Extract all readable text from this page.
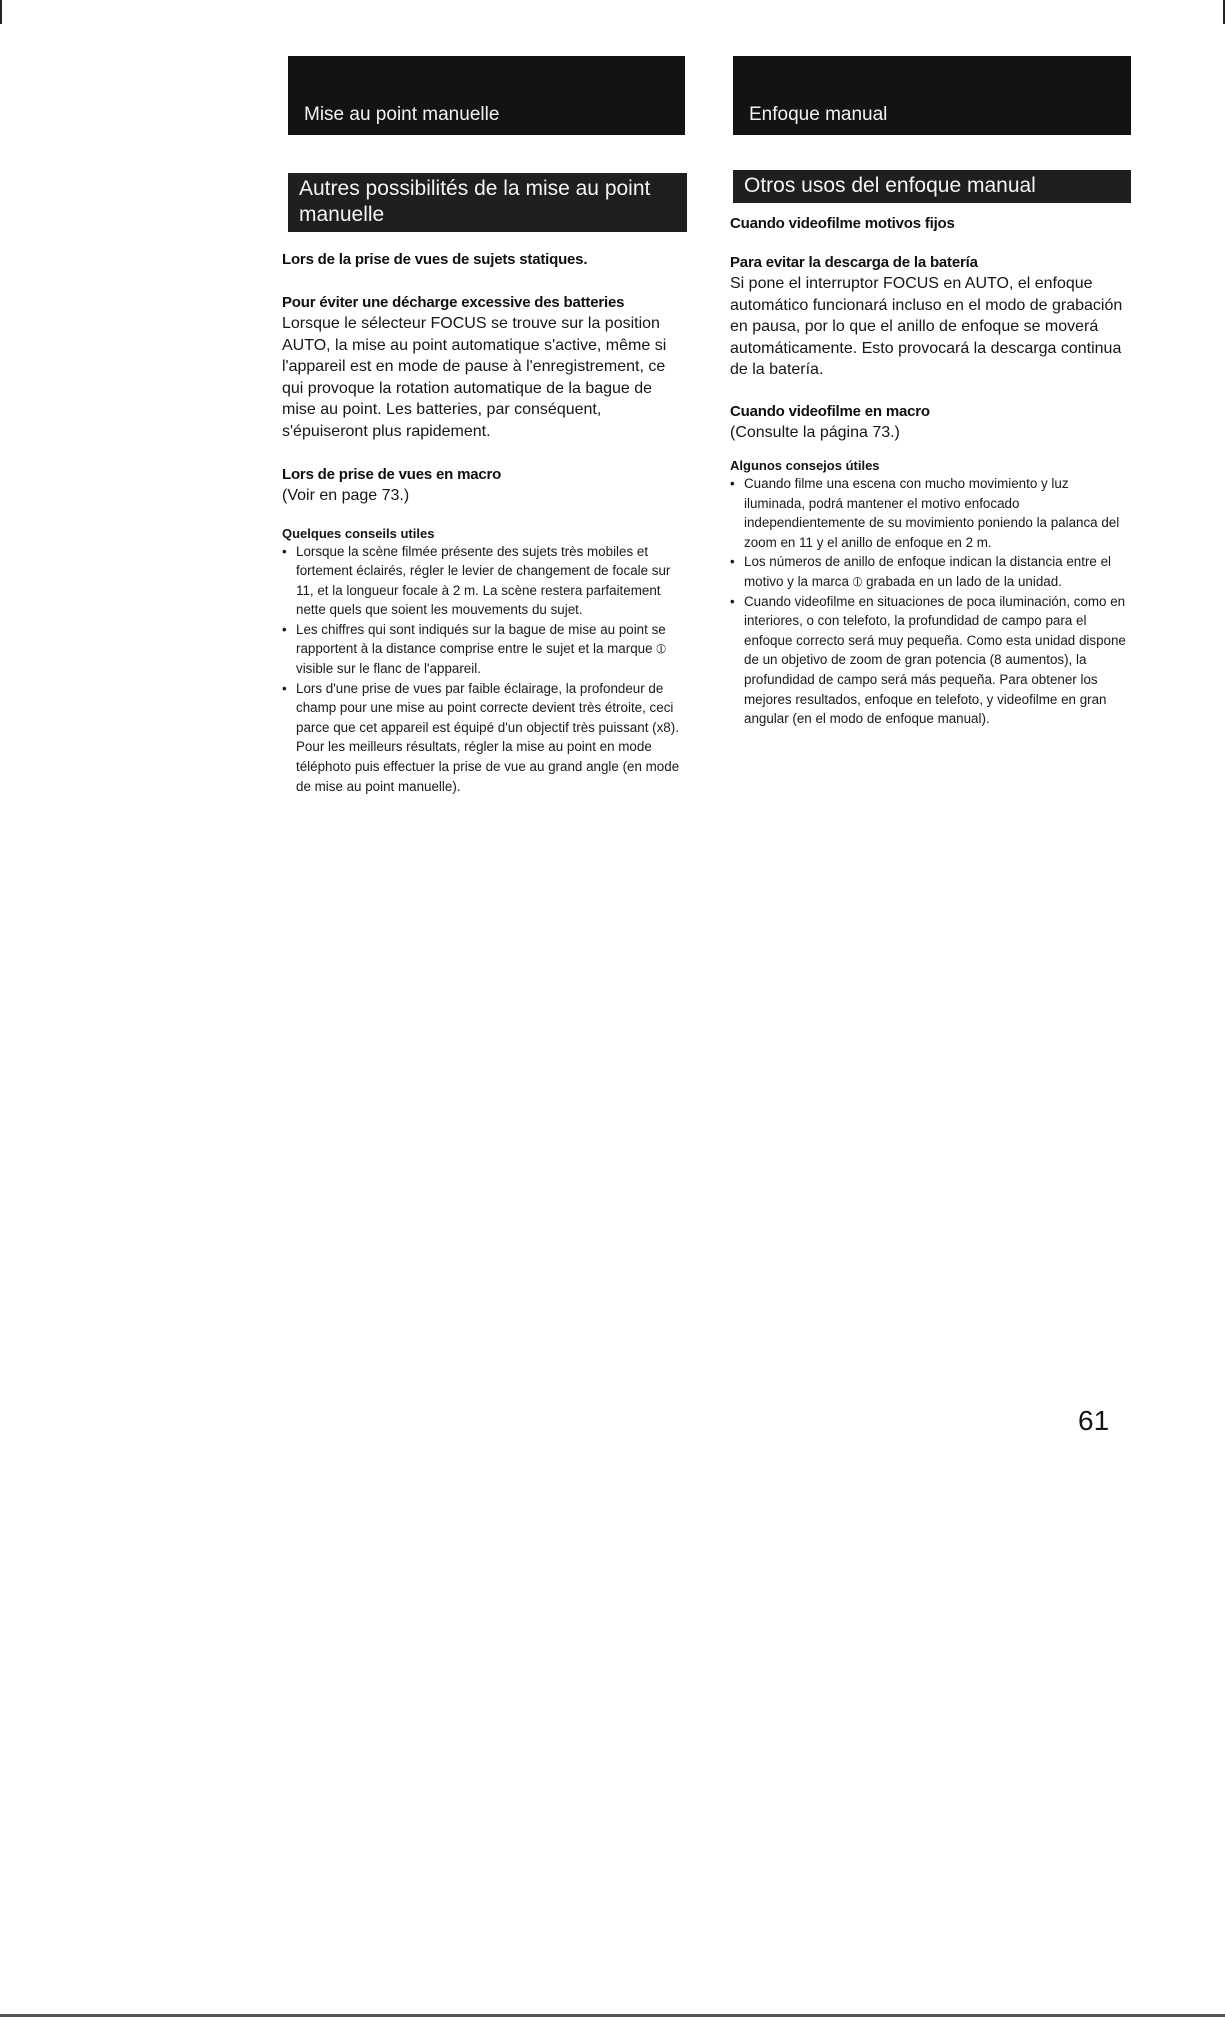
Mise au point manuelle
Autres possibilités de la mise au point manuelle

Lors de la prise de vues de sujets statiques.

Pour éviter une décharge excessive des batteries

Lorsque le sélecteur FOCUS se trouve sur la position AUTO, la mise au point automatique s'active, même si l'appareil est en mode de pause à l'enregistrement, ce qui provoque la rotation automatique de la bague de mise au point. Les batteries, par conséquent, s'épuiseront plus rapidement.

Lors de prise de vues en macro

(Voir en page 73.)

Quelques conseils utiles

• Lorsque la scène filmée présente des sujets très mobiles et fortement éclairés, régler le levier de changement de focale sur 11, et la longueur focale à 2 m. La scène restera parfaitement nette quels que soient les mouvements du sujet.
• Les chiffres qui sont indiqués sur la bague de mise au point se rapportent à la distance comprise entre le sujet et la marque ⦶ visible sur le flanc de l'appareil.
• Lors d'une prise de vues par faible éclairage, la profondeur de champ pour une mise au point correcte devient très étroite, ceci parce que cet appareil est équipé d'un objectif très puissant (x8). Pour les meilleurs résultats, régler la mise au point en mode téléphoto puis effectuer la prise de vue au grand angle (en mode de mise au point manuelle).
Enfoque manual
Otros usos del enfoque manual

Cuando videofilme motivos fijos

Para evitar la descarga de la batería

Si pone el interruptor FOCUS en AUTO, el enfoque automático funcionará incluso en el modo de grabación en pausa, por lo que el anillo de enfoque se moverá automáticamente. Esto provocará la descarga continua de la batería.

Cuando videofilme en macro

(Consulte la página 73.)

Algunos consejos útiles

• Cuando filme una escena con mucho movimiento y luz iluminada, podrá mantener el motivo enfocado independientemente de su movimiento poniendo la palanca del zoom en 11 y el anillo de enfoque en 2 m.
• Los números de anillo de enfoque indican la distancia entre el motivo y la marca ⦶ grabada en un lado de la unidad.
• Cuando videofilme en situaciones de poca iluminación, como en interiores, o con telefoto, la profundidad de campo para el enfoque correcto será muy pequeña. Como esta unidad dispone de un objetivo de zoom de gran potencia (8 aumentos), la profundidad de campo será más pequeña. Para obtener los mejores resultados, enfoque en telefoto, y videofilme en gran angular (en el modo de enfoque manual).
61
